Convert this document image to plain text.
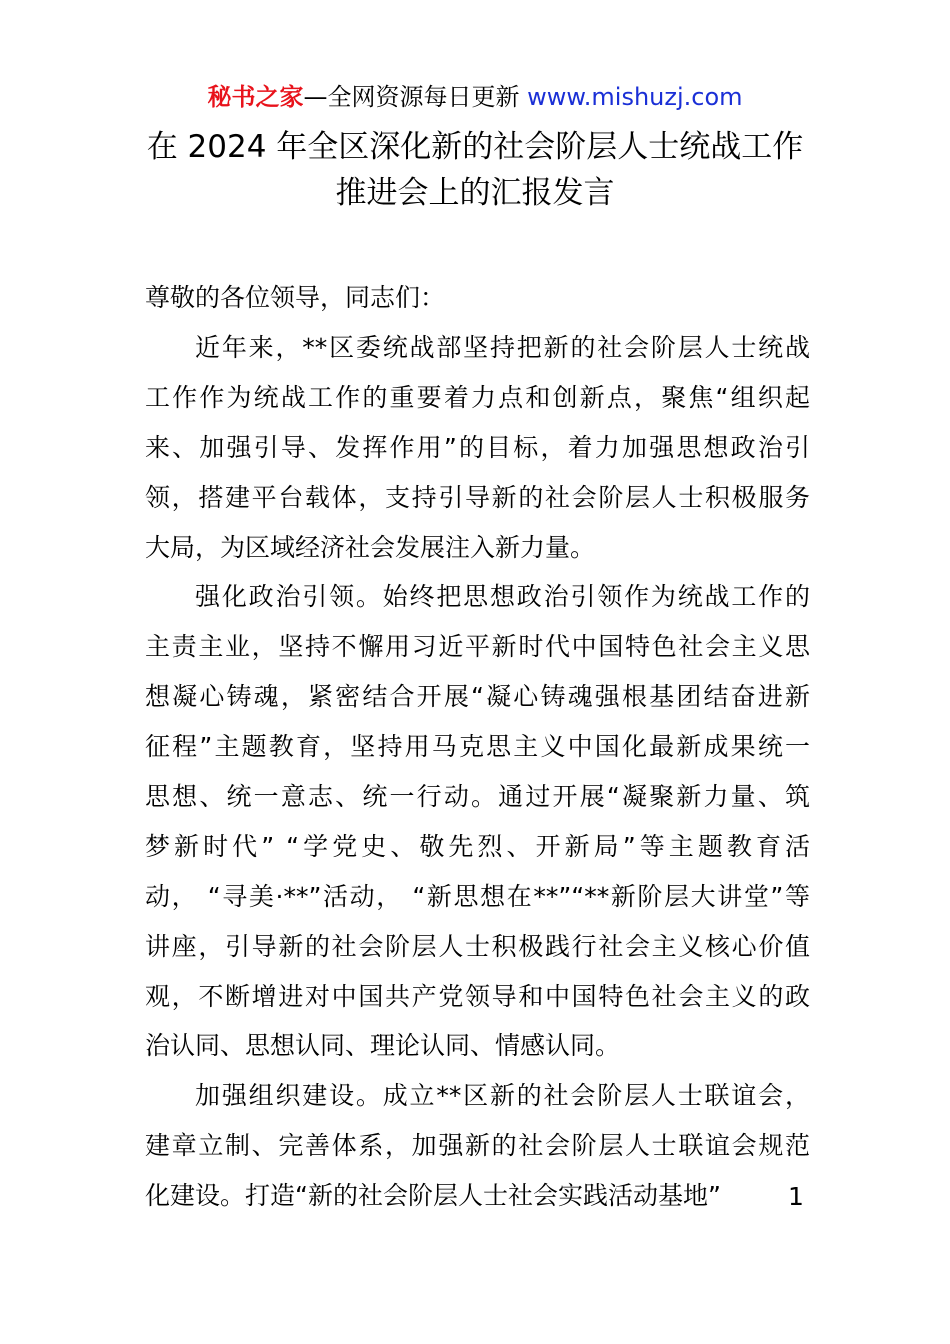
秘书之家—全网资源每日更新 www.mishuzj.com
在 2024 年全区深化新的社会阶层人士统战工作
推进会上的汇报发言
尊敬的各位领导，同志们：
近年来，**区委统战部坚持把新的社会阶层人士统战
工作作为统战工作的重要着力点和创新点，聚焦“组织起
来、加强引导、发挥作用”的目标，着力加强思想政治引
领，搭建平台载体，支持引导新的社会阶层人士积极服务
大局，为区域经济社会发展注入新力量。
强化政治引领。始终把思想政治引领作为统战工作的
主责主业，坚持不懈用习近平新时代中国特色社会主义思
想凝心铸魂，紧密结合开展“凝心铸魂强根基团结奋进新
征程”主题教育，坚持用马克思主义中国化最新成果统一
思想、统一意志、统一行动。通过开展“凝聚新力量、筑
梦新时代” “学党史、敬先烈、开新局”等主题教育活
动， “寻美·**”活动， “新思想在**”“**新阶层大讲堂”等
讲座，引导新的社会阶层人士积极践行社会主义核心价值
观，不断增进对中国共产党领导和中国特色社会主义的政
治认同、思想认同、理论认同、情感认同。
加强组织建设。成立**区新的社会阶层人士联谊会，
建章立制、完善体系，加强新的社会阶层人士联谊会规范
化建设。打造“新的社会阶层人士社会实践活动基地”	1
